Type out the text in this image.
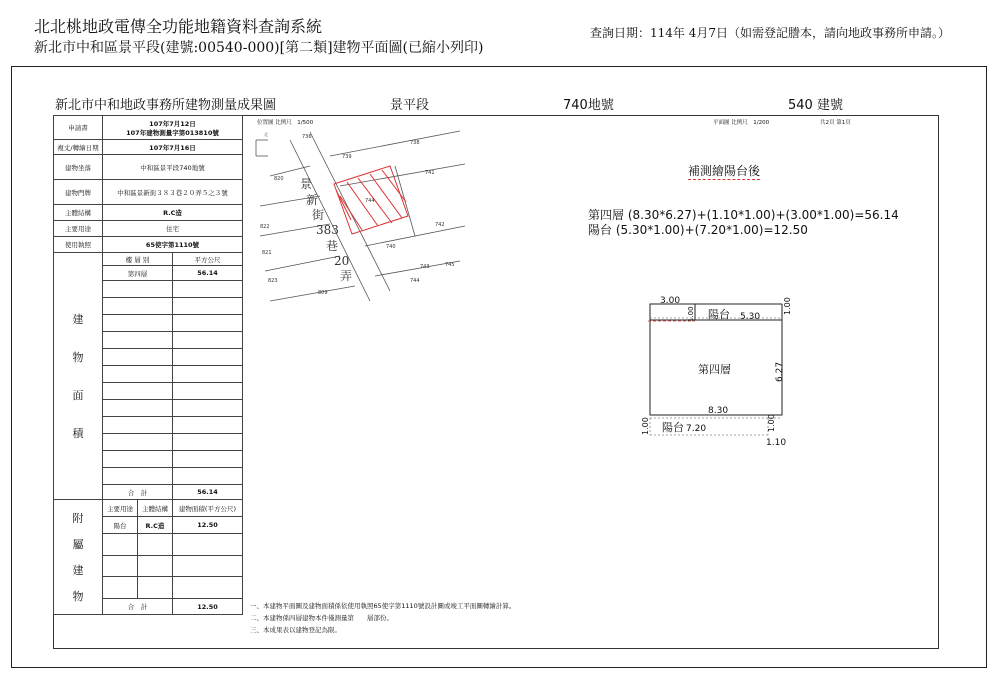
北北桃地政電傳全功能地籍資料查詢系統
新北市中和區景平段(建號:00540-000)[第二類]建物平面圖(已縮小列印)
查詢日期：114年 4月7日（如需登記謄本，請向地政事務所申請。）
新北市中和地政事務所建物測量成果圖	景平段	740地號	540 建號
申請書	107年7月12日
107年建物測量字第013810號		

複丈/轉繪日期	107年7月16日		
建物坐落	中和區景平段740地號		
建物門牌	中和區景新街３８３巷２０弄５之３號		
主體結構	R.C造		
主要用途	住宅		
使用執照	65使字第1110號		

建
物
面
積	樓 層 別		平方公尺
	第四層		56.14

	合　計		56.14

附
屬
建
物	主要用途	主體結構	建物面積(平方公尺)
	陽台	R.C造	12.50

	合　計		12.50
位置圖 比例尺　1/500
736
739
738
741
820
744
822
740
742
821
743	745
823	744
809
北
景
新
街
383
巷
20
弄
平面圖 比例尺　1/200	共2頁 第1頁
補測繪陽台後
第四層 (8.30*6.27)+(1.10*1.00)+(3.00*1.00)=56.14
陽台 (5.30*1.00)+(7.20*1.00)=12.50
3.00	1.00
1.00 陽台 5.30
第四層	6.27
8.30
陽台 7.20
1.00	1.00
1.10
一、本建物平面圖及建物面積係依使用執照65使字第1110號設計圖或竣工平面圖轉繪計算。
二、本建物係四層建物本件僅測量第　　層部份。
三、本成果表以建物登記為限。
